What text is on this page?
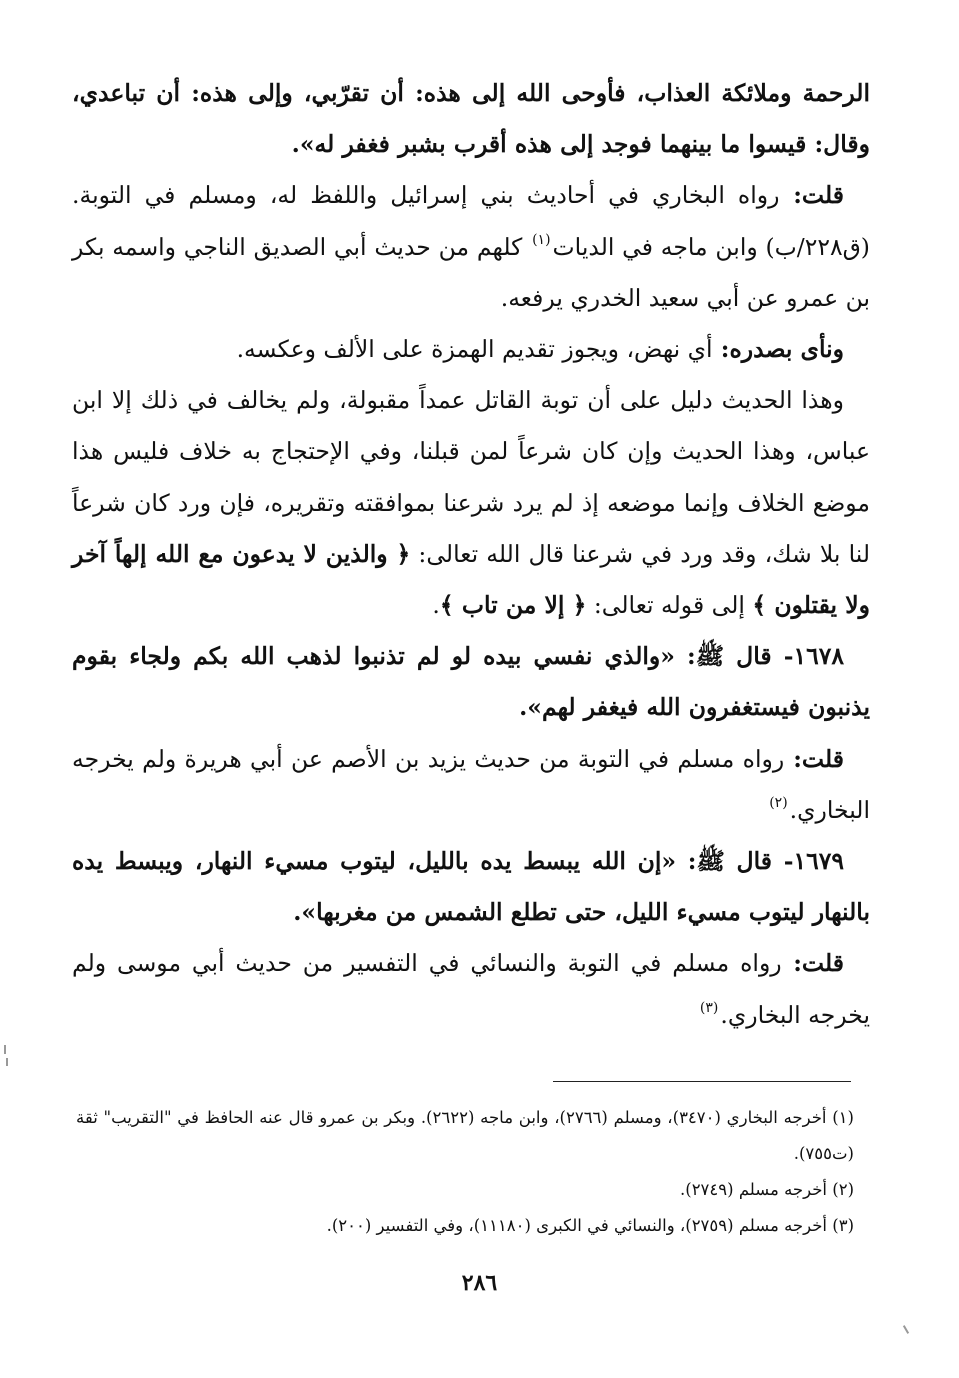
الرحمة وملائكة العذاب، فأوحى الله إلى هذه: أن تقرّبي، وإلى هذه: أن تباعدي، وقال: قيسوا ما بينهما فوجد إلى هذه أقرب بشبر فغفر له».

قلت: رواه البخاري في أحاديث بني إسرائيل واللفظ له، ومسلم في التوبة. (ق٢٢٨/ب) وابن ماجه في الديات$^{(١)}$ كلهم من حديث أبي الصديق الناجي واسمه بكر بن عمرو عن أبي سعيد الخدري يرفعه.

ونأى بصدره: أي نهض، ويجوز تقديم الهمزة على الألف وعكسه.

وهذا الحديث دليل على أن توبة القاتل عمداً مقبولة، ولم يخالف في ذلك إلا ابن عباس، وهذا الحديث وإن كان شرعاً لمن قبلنا، وفي الإحتجاج به خلاف فليس هذا موضع الخلاف وإنما موضعه إذ لم يرد شرعنا بموافقته وتقريره، فإن ورد كان شرعاً لنا بلا شك، وقد ورد في شرعنا قال الله تعالى: ﴿ والذين لا يدعون مع الله إلهاً آخر ولا يقتلون ﴾ إلى قوله تعالى: ﴿ إلا من تاب ﴾.

١٦٧٨- قال ﷺ: «والذي نفسي بيده لو لم تذنبوا لذهب الله بكم ولجاء بقوم يذنبون فيستغفرون الله فيغفر لهم».

قلت: رواه مسلم في التوبة من حديث يزيد بن الأصم عن أبي هريرة ولم يخرجه البخاري.$^{(٢)}$

١٦٧٩- قال ﷺ: «إن الله يبسط يده بالليل، ليتوب مسيء النهار، ويبسط يده بالنهار ليتوب مسيء الليل، حتى تطلع الشمس من مغربها».

قلت: رواه مسلم في التوبة والنسائي في التفسير من حديث أبي موسى ولم يخرجه البخاري.$^{(٣)}$

(١) أخرجه البخاري (٣٤٧٠)، ومسلم (٢٧٦٦)، وابن ماجه (٢٦٢٢). وبكر بن عمرو قال عنه الحافظ في "التقريب" ثقة (ت٧٥٥).

(٢) أخرجه مسلم (٢٧٤٩).

(٣) أخرجه مسلم (٢٧٥٩)، والنسائي في الكبرى (١١١٨٠)، وفي التفسير (٢٠٠).

٢٨٦
